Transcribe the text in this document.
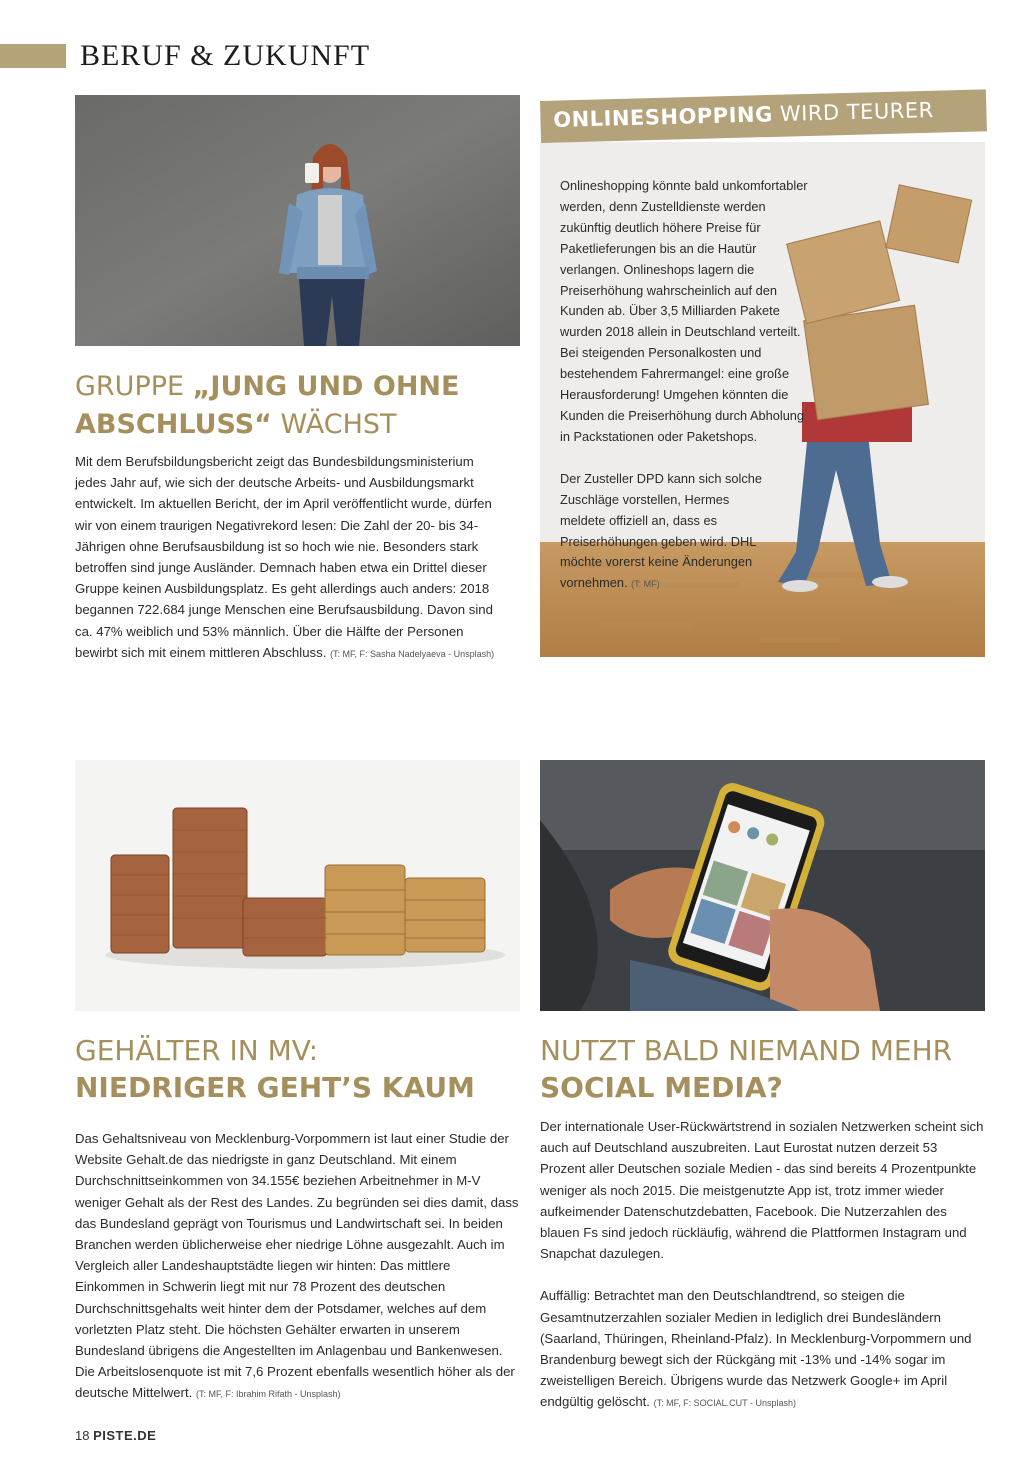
BERUF & ZUKUNFT
GRUPPE „JUNG UND OHNE
ABSCHLUSS“ WÄCHST
Mit dem Berufsbildungsbericht zeigt das Bundesbildungsministerium jedes Jahr auf, wie sich der deutsche Arbeits- und Ausbildungsmarkt entwickelt. Im aktuellen Bericht, der im April veröffentlicht wurde, dürfen wir von einem traurigen Negativrekord lesen: Die Zahl der 20- bis 34-Jährigen ohne Berufsausbildung ist so hoch wie nie. Besonders stark betroffen sind junge Ausländer. Demnach haben etwa ein Drittel dieser Gruppe keinen Ausbildungsplatz. Es geht allerdings auch anders: 2018 begannen 722.684 junge Menschen eine Berufsausbildung. Davon sind ca. 47% weiblich und 53% männlich. Über die Hälfte der Personen bewirbt sich mit einem mittleren Abschluss. (T: MF, F: Sasha Nadelyaeva - Unsplash)
ONLINESHOPPING WIRD TEURER

Onlineshopping könnte bald unkomfortabler werden, denn Zustelldienste werden zukünftig deutlich höhere Preise für Paketlieferungen bis an die Hautür verlangen. Onlineshops lagern die Preiserhöhung wahrscheinlich auf den Kunden ab. Über 3,5 Milliarden Pakete wurden 2018 allein in Deutschland verteilt. Bei steigenden Personalkosten und bestehendem Fahrermangel: eine große Herausforderung! Umgehen könnten die Kunden die Preiserhöhung durch Abholung in Packstationen oder Paketshops.

Der Zusteller DPD kann sich solche Zuschläge vorstellen, Hermes meldete offiziell an, dass es Preiserhöhungen geben wird. DHL möchte vorerst keine Änderungen vornehmen. (T: MF)

GEHÄLTER IN MV:
NIEDRIGER GEHT’S KAUM
Das Gehaltsniveau von Mecklenburg-Vorpommern ist laut einer Studie der Website Gehalt.de das niedrigste in ganz Deutschland. Mit einem Durchschnittseinkommen von 34.155€ beziehen Arbeitnehmer in M-V weniger Gehalt als der Rest des Landes. Zu begründen sei dies damit, dass das Bundesland geprägt von Tourismus und Landwirtschaft sei. In beiden Branchen werden üblicherweise eher niedrige Löhne ausgezahlt. Auch im Vergleich aller Landeshauptstädte liegen wir hinten: Das mittlere Einkommen in Schwerin liegt mit nur 78 Prozent des deutschen Durchschnittsgehalts weit hinter dem der Potsdamer, welches auf dem vorletzten Platz steht. Die höchsten Gehälter erwarten in unserem Bundesland übrigens die Angestellten im Anlagenbau und Bankenwesen. Die Arbeitslosenquote ist mit 7,6 Prozent ebenfalls wesentlich höher als der deutsche Mittelwert. (T: MF, F: Ibrahim Rifath - Unsplash)
NUTZT BALD NIEMAND MEHR
SOCIAL MEDIA?

Der internationale User-Rückwärtstrend in sozialen Netzwerken scheint sich auch auf Deutschland auszubreiten. Laut Eurostat nutzen derzeit 53 Prozent aller Deutschen soziale Medien - das sind bereits 4 Prozentpunkte weniger als noch 2015. Die meistgenutzte App ist, trotz immer wieder aufkeimender Datenschutzdebatten, Facebook. Die Nutzerzahlen des blauen Fs sind jedoch rückläufig, während die Plattformen Instagram und Snapchat dazulegen.

Auffällig: Betrachtet man den Deutschlandtrend, so steigen die Gesamtnutzerzahlen sozialer Medien in lediglich drei Bundesländern (Saarland, Thüringen, Rheinland-Pfalz). In Mecklenburg-Vorpommern und Brandenburg bewegt sich der Rückgäng mit -13% und -14% sogar im zweistelligen Bereich. Übrigens wurde das Netzwerk Google+ im April endgültig gelöscht. (T: MF, F: SOCIAL.CUT - Unsplash)

18 PISTE.DE
